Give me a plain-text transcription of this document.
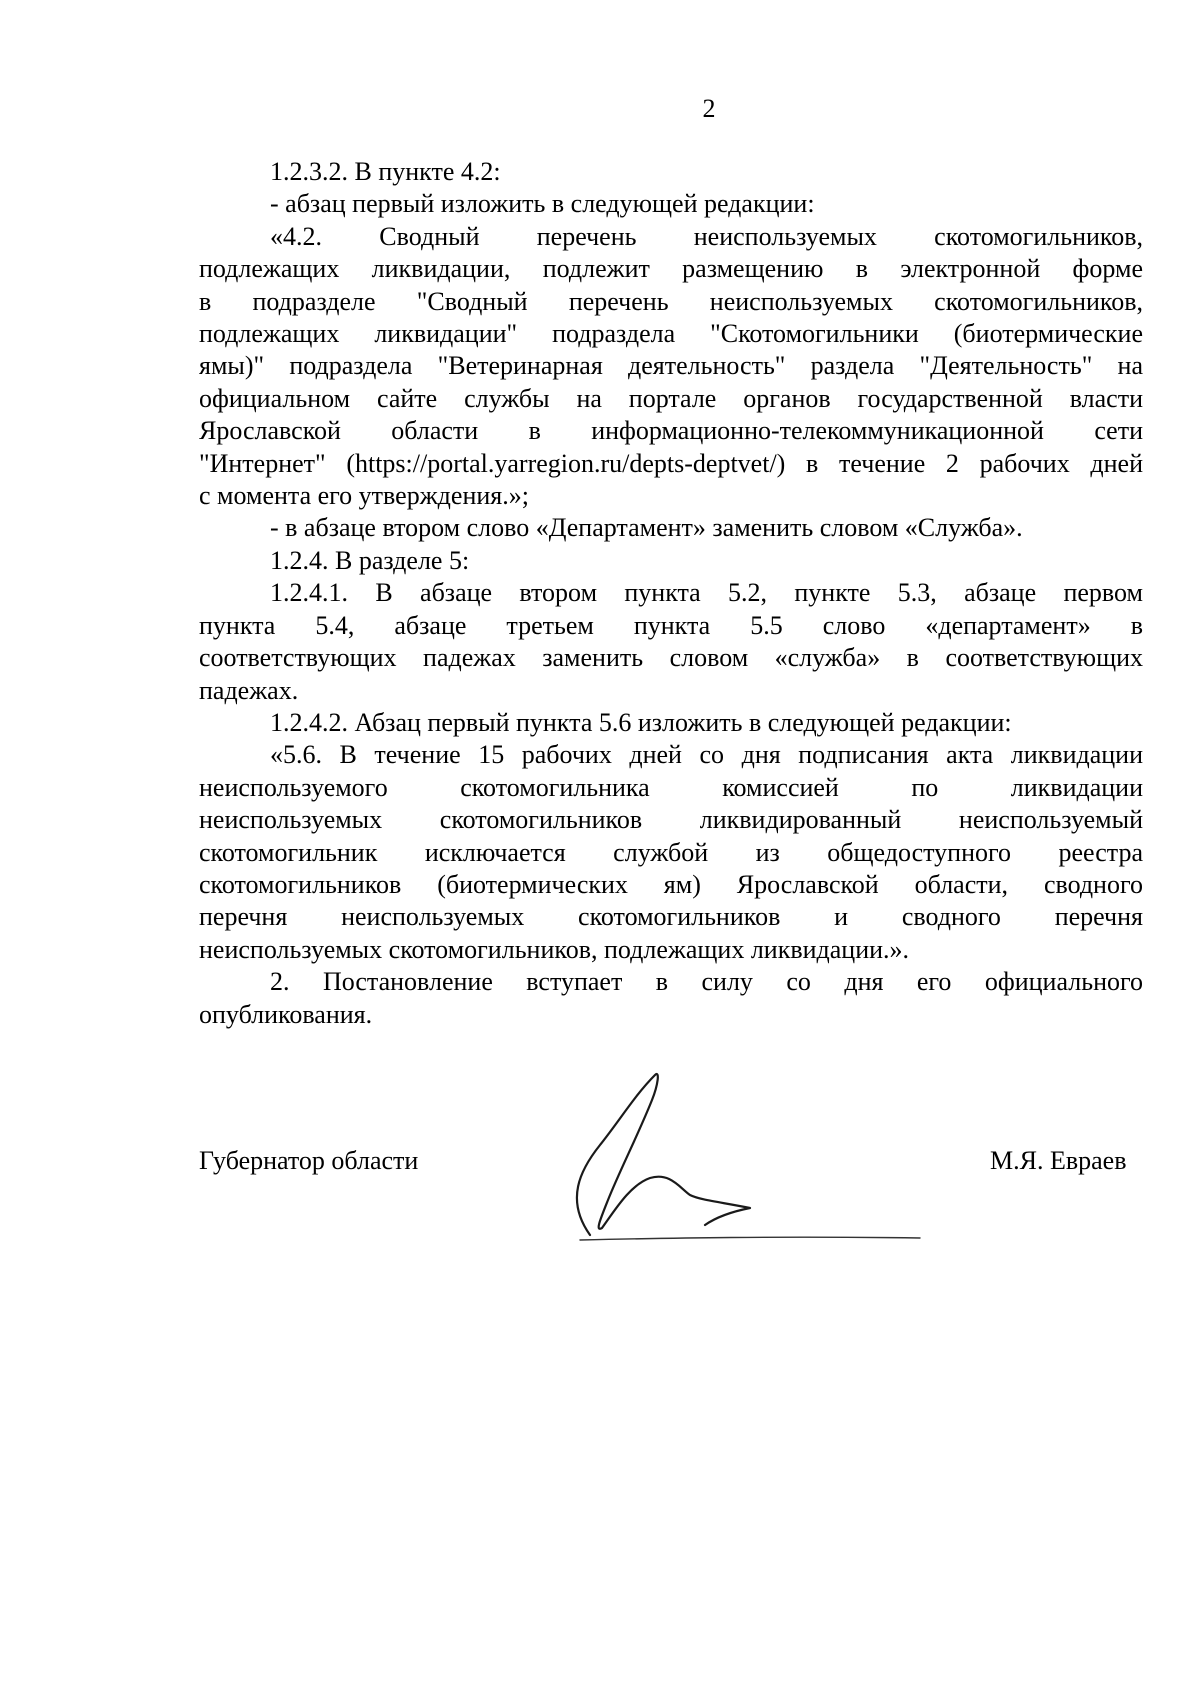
2
1.2.3.2. В пункте 4.2:
- абзац первый изложить в следующей редакции:
«4.2. Сводный перечень неиспользуемых скотомогильников,
подлежащих ликвидации, подлежит размещению в электронной форме
в подразделе "Сводный перечень неиспользуемых скотомогильников,
подлежащих ликвидации" подраздела "Скотомогильники (биотермические
ямы)" подраздела "Ветеринарная деятельность" раздела "Деятельность" на
официальном сайте службы на портале органов государственной власти
Ярославской области в информационно-телекоммуникационной сети
"Интернет" (https://portal.yarregion.ru/depts-deptvet/) в течение 2 рабочих дней
с момента его утверждения.»;
- в абзаце втором слово «Департамент» заменить словом «Служба».
1.2.4. В разделе 5:
1.2.4.1. В абзаце втором пункта 5.2, пункте 5.3, абзаце первом
пункта 5.4, абзаце третьем пункта 5.5 слово «департамент» в
соответствующих падежах заменить словом «служба» в соответствующих
падежах.
1.2.4.2. Абзац первый пункта 5.6 изложить в следующей редакции:
«5.6. В течение 15 рабочих дней со дня подписания акта ликвидации
неиспользуемого скотомогильника комиссией по ликвидации
неиспользуемых скотомогильников ликвидированный неиспользуемый
скотомогильник исключается службой из общедоступного реестра
скотомогильников (биотермических ям) Ярославской области, сводного
перечня неиспользуемых скотомогильников и сводного перечня
неиспользуемых скотомогильников, подлежащих ликвидации.».
2. Постановление вступает в силу со дня его официального
опубликования.
Губернатор области	М.Я. Евраев
